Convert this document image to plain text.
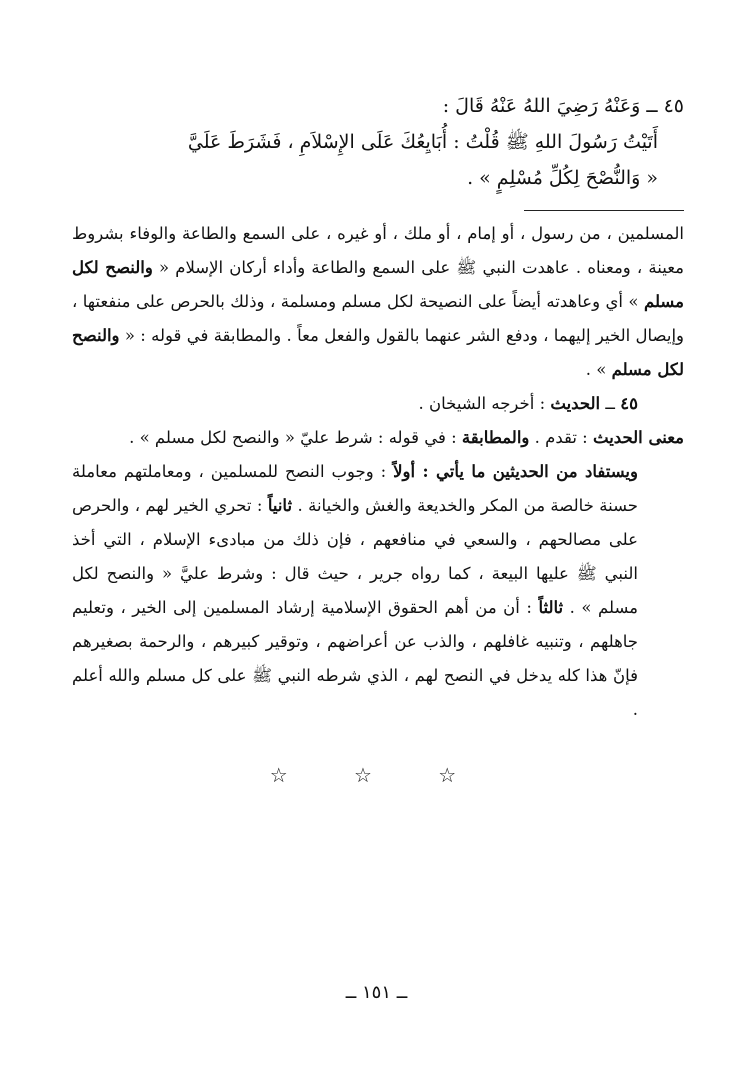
٤٥ ــ وَعَنْهُ رَضِيَ اللهُ عَنْهُ قَالَ :

أَتَيْتُ رَسُولَ اللهِ ﷺ قُلْتُ : أُبَايِعُكَ عَلَى الإِسْلاَمِ ، فَشَرَطَ عَلَيَّ
« وَالنُّصْحَ لِكُلِّ مُسْلِمٍ » .

المسلمين ، من رسول ، أو إمام ، أو ملك ، أو غيره ، على السمع والطاعة والوفاء بشروط معينة ، ومعناه . عاهدت النبي ﷺ على السمع والطاعة وأداء أركان الإسلام « والنصح لكل مسلم » أي وعاهدته أيضاً على النصيحة لكل مسلم ومسلمة ، وذلك بالحرص على منفعتها ، وإيصال الخير إليهما ، ودفع الشر عنهما بالقول والفعل معاً . والمطابقة في قوله : « والنصح لكل مسلم » .

٤٥ ــ الحديث : أخرجه الشيخان .

معنى الحديث : تقدم . والمطابقة : في قوله : شرط عليّ « والنصح لكل مسلم » .

ويستفاد من الحديثين ما يأتي : أولاً : وجوب النصح للمسلمين ، ومعاملتهم معاملة حسنة خالصة من المكر والخديعة والغش والخيانة . ثانياً : تحري الخير لهم ، والحرص على مصالحهم ، والسعي في منافعهم ، فإن ذلك من مبادىء الإسلام ، التي أخذ النبي ﷺ عليها البيعة ، كما رواه جرير ، حيث قال : وشرط عليَّ « والنصح لكل مسلم » . ثالثاً : أن من أهم الحقوق الإسلامية إرشاد المسلمين إلى الخير ، وتعليم جاهلهم ، وتنبيه غافلهم ، والذب عن أعراضهم ، وتوقير كبيرهم ، والرحمة بصغيرهم فإنّ هذا كله يدخل في النصح لهم ، الذي شرطه النبي ﷺ على كل مسلم والله أعلم .

☆ ☆ ☆
ــ ١٥١ ــ
